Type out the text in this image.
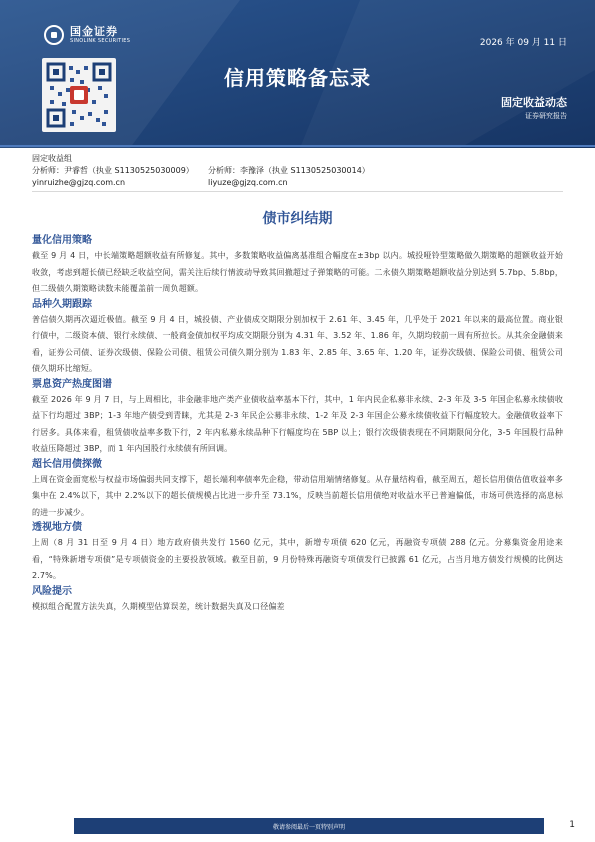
国金证券
SINOLINK SECURITIES	2026 年 09 月 11 日
信用策略备忘录
固定收益动态
证券研究报告
固定收益组
分析师：尹睿哲（执业 S1130525030009） 分析师：李豫泽（执业 S1130525030014）
yinruizhe@gjzq.com.cn	liyuze@gjzq.com.cn
债市纠结期
量化信用策略

截至 9 月 4 日，中长端策略超额收益有所修复。其中，多数策略收益偏离基准组合幅度在±3bp 以内。城投哑铃型策略做久期策略的超额收益开始收敛，考虑到超长债已经缺乏收益空间，需关注后续行情波动导致其回撤超过子弹策略的可能。二永债久期策略超额收益分别达到 5.7bp、5.8bp，但二级债久期策略读数未能覆盖前一周负超额。

品种久期跟踪

普信债久期再次逼近极值。截至 9 月 4 日，城投债、产业债成交期限分别加权于 2.61 年、3.45 年，几乎处于 2021 年以来的最高位置。商业银行债中，二级资本债、银行永续债、一般商金债加权平均成交期限分别为 4.31 年、3.52 年、1.86 年，久期均较前一周有所拉长。从其余金融债来看，证券公司债、证券次级债、保险公司债、租赁公司债久期分别为 1.83 年、2.85 年、3.65 年、1.20 年，证券次级债、保险公司债、租赁公司债久期环比缩短。

票息资产热度图谱

截至 2026 年 9 月 7 日，与上周相比，非金融非地产类产业债收益率基本下行，其中，1 年内民企私募非永续、2-3 年及 3-5 年国企私募永续债收益下行均超过 3BP；1-3 年地产债受到青睐，尤其是 2-3 年民企公募非永续、1-2 年及 2-3 年国企公募永续债收益下行幅度较大。金融债收益率下行居多。具体来看，租赁债收益率多数下行，2 年内私募永续品种下行幅度均在 5BP 以上；银行次级债表现在不同期限间分化，3-5 年国股行品种收益压降超过 3BP，而 1 年内国股行永续债有所回调。

超长信用债探微

上周在资金面宽松与权益市场偏弱共同支撑下，超长端利率债率先企稳，带动信用端情绪修复。从存量结构看，截至周五，超长信用债估值收益率多集中在 2.4%以下，其中 2.2%以下的超长债规模占比进一步升至 73.1%，反映当前超长信用债绝对收益水平已普遍偏低，市场可供选择的高息标的进一步减少。

透视地方债

上周（8 月 31 日至 9 月 4 日）地方政府债共发行 1560 亿元，其中，新增专项债 620 亿元，再融资专项债 288 亿元。分募集资金用途来看，“特殊新增专项债”是专项债资金的主要投放领域。截至目前，9 月份特殊再融资专项债发行已披露 61 亿元，占当月地方债发行规模的比例达 2.7%。

风险提示

模拟组合配置方法失真，久期模型估算误差，统计数据失真及口径偏差

敬请参阅最后一页特别声明	1
